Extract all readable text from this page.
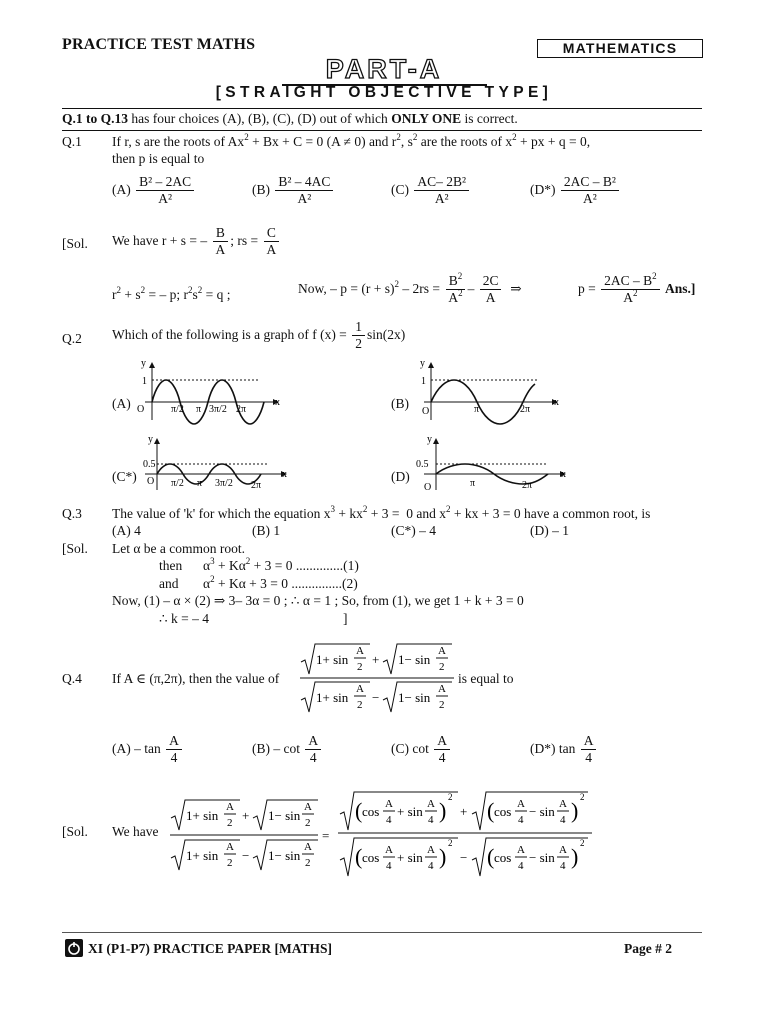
PRACTICE TEST MATHS	MATHEMATICS
PART-A
[STRAIGHT OBJECTIVE TYPE]
Q.1 to Q.13 has four choices (A), (B), (C), (D) out of which ONLY ONE is correct.
Q.1 If r, s are the roots of $Ax^2 + Bx + C = 0$ (A ≠ 0) and $r^2$, $s^2$ are the roots of $x^2$ + px + q = 0,
then p is equal to
$(A) \frac{\text{B² – 2AC}}{\text{A²}}$	$(B) \frac{\text{B² – 4AC}}{\text{A²}}$	$(C) \frac{\text{AC– 2B²}}{\text{A²}}$	$(D*) \frac{\text{2AC – B²}}{\text{A²}}$
[Sol. We have r + s = – $\frac{B}{A}$ ; rs = $\frac{C}{A}$
$r^2 + s^2$ = – p; $r^2s^2 = q$ ;	Now, – $p = (r + s)^2 - 2rs = \frac{B^2}{A^2} - \frac{2C}{A}$ ⇒	$p = \frac{2AC - B^2}{A^2} Ans$.]
Q.2 Which of the following is a graph of f $(x) = \frac{1}{2} \sin(2x)$
(A)	(B)
(C*)	(D)
y
x
1
O	π/2 π 3π/2 2π
y
x
1
O	π	2π
y
x
0.5
O π/2 π 3π/2 2π
y
x
0.5
O	π	2π
Q.3 The value of 'k' for which the equation $x^3 + kx^2 + 3 = 0$ and $x^2$ + kx + 3 = 0 have a common root, is
(A) 4	(B) 1	(C*) – 4	(D) – 1
[Sol. Let α be a common root.
then $\alpha^3 + K\alpha^2 + 3 = 0$ ..............(1)
and $\alpha^2 + K\alpha + 3 = 0$ ...............(2)
Now, (1) – α × (2) ⇒ 3– 3α = 0 ; ∴ α = 1 ; So, from (1), we get 1 + k + 3 = 0
∴ k = – 4	]
Q.4 If A ∈ (π,2π), then the value of
1+ sin
A
2 + 1− sin
A
2
1+ sin
A
2 − 1− sin
A
2
is equal to
$(A) - \tan \frac{A}{4}$	$(B) - \cot \frac{A}{4}$	(C) $\cot \frac{A}{4}$	(D*) $\tan \frac{A}{4}$
[Sol. We have
1+ sin
A
2 + 1− sin
A
2
1+ sin
A
2 − 1− sin
A
2
=
( cos A
4
+ sin A
4 )
2
+ ( cos A
4
− sin A
4 )
2
( cos A
4
+ sin A
4 )
2
− ( cos A
4
− sin A
4 )
2
XI (P1-P7) PRACTICE PAPER [MATHS]	Page # 2
